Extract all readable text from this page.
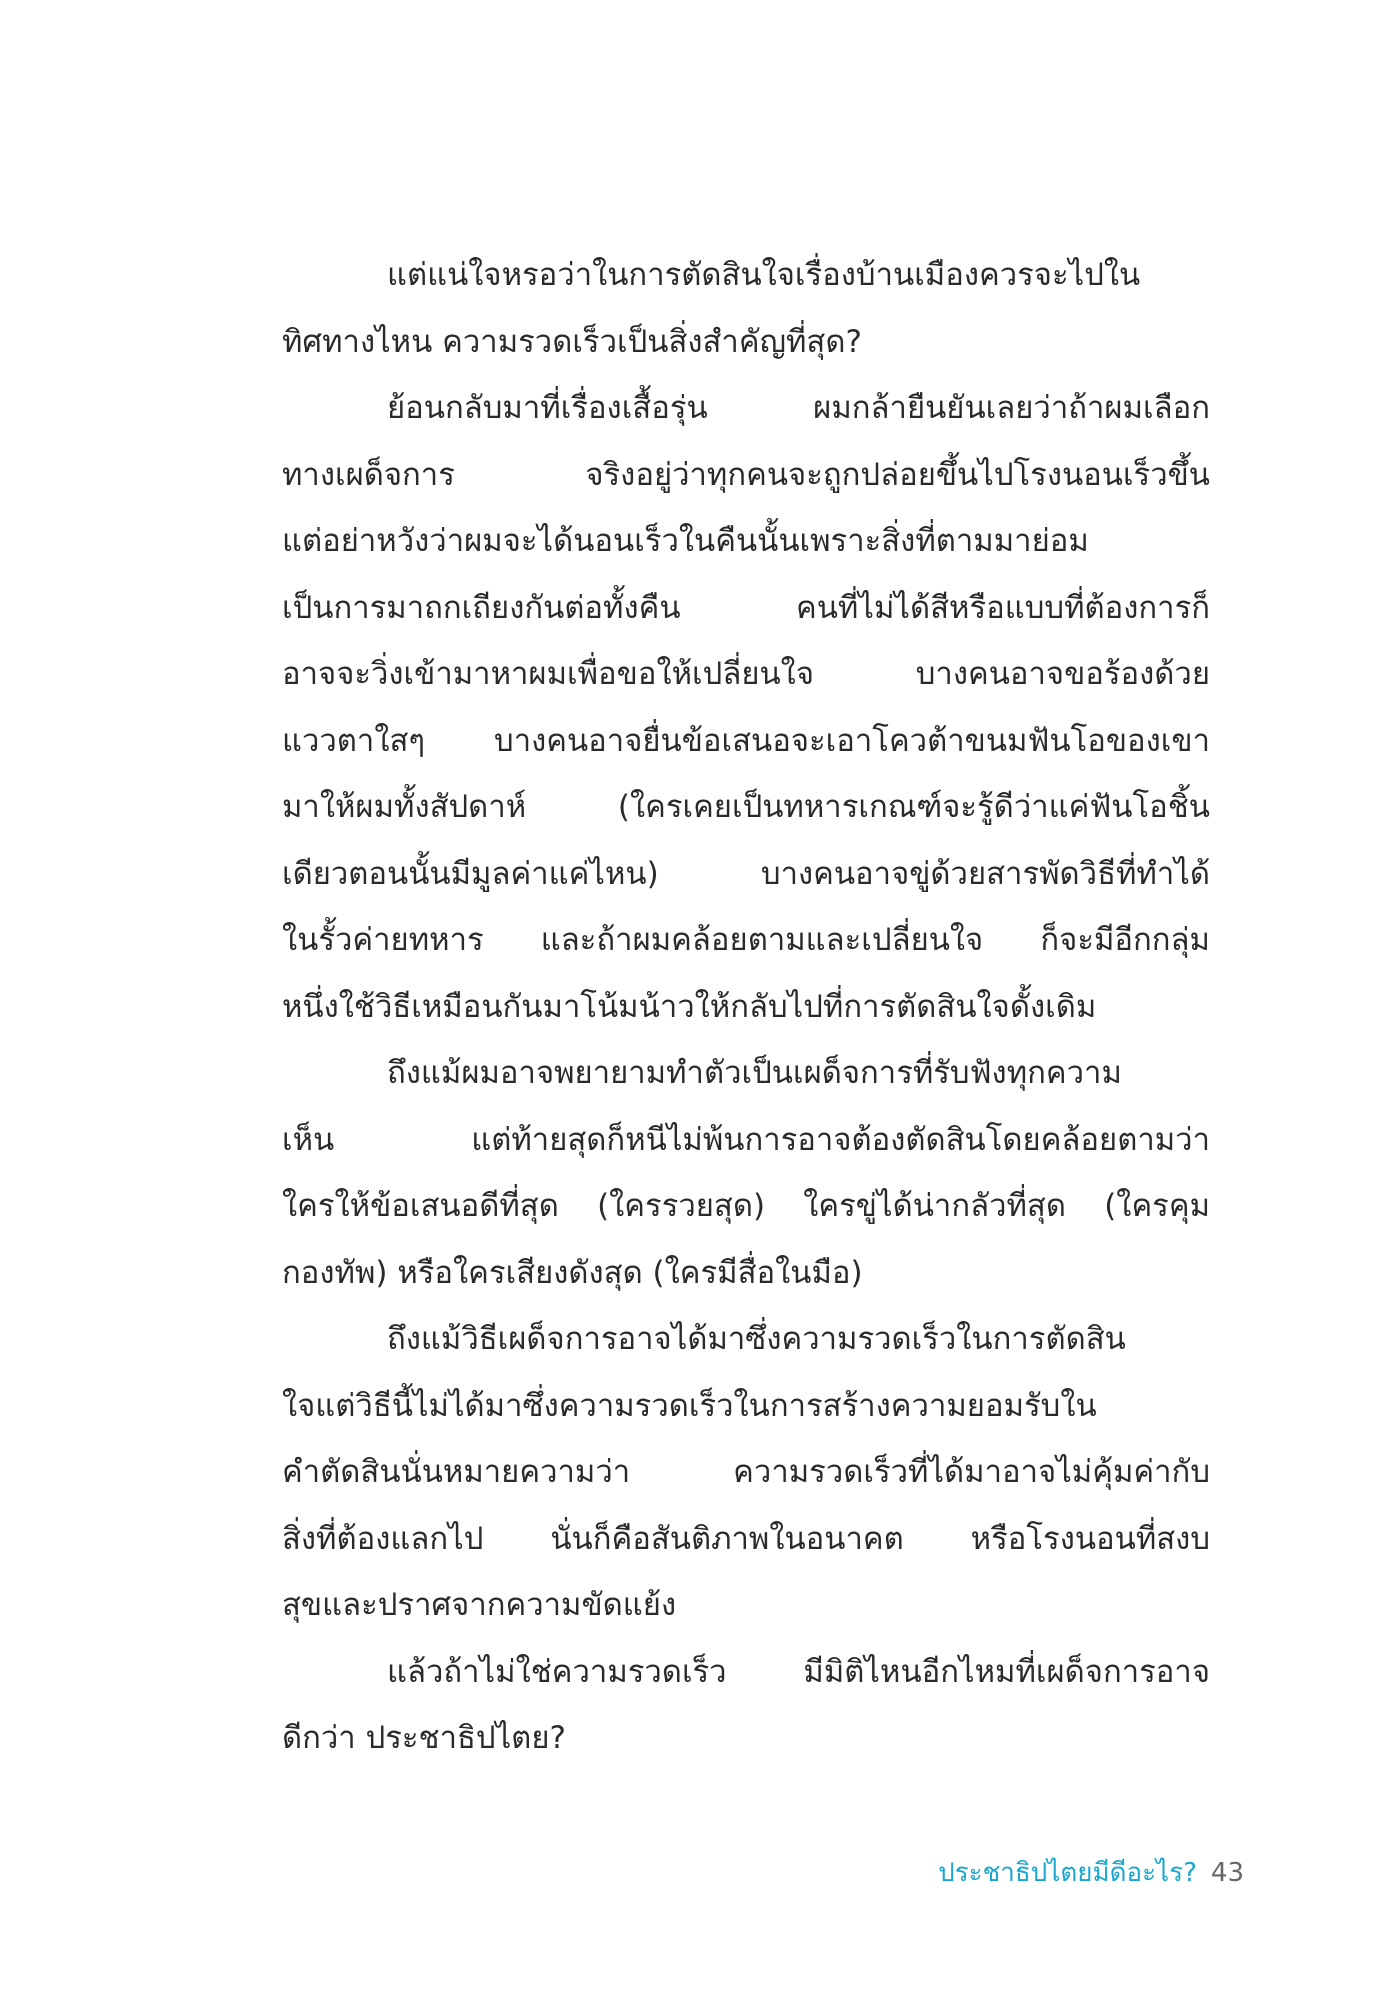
แต่แน่ใจหรอว่าในการตัดสินใจเรื่องบ้านเมืองควรจะไปใน
ทิศทางไหน ความรวดเร็วเป็นสิ่งสำคัญที่สุด?
ย้อนกลับมาที่เรื่องเสื้อรุ่น ผมกล้ายืนยันเลยว่าถ้าผมเลือก
ทางเผด็จการ จริงอยู่ว่าทุกคนจะถูกปล่อยขึ้นไปโรงนอนเร็วขึ้น
แต่อย่าหวังว่าผมจะได้นอนเร็วในคืนนั้นเพราะสิ่งที่ตามมาย่อม
เป็นการมาถกเถียงกันต่อทั้งคืน คนที่ไม่ได้สีหรือแบบที่ต้องการก็
อาจจะวิ่งเข้ามาหาผมเพื่อขอให้เปลี่ยนใจ บางคนอาจขอร้องด้วย
แววตาใสๆ บางคนอาจยื่นข้อเสนอจะเอาโควต้าขนมฟันโอของเขา
มาให้ผมทั้งสัปดาห์ (ใครเคยเป็นทหารเกณฑ์จะรู้ดีว่าแค่ฟันโอชิ้น
เดียวตอนนั้นมีมูลค่าแค่ไหน) บางคนอาจขู่ด้วยสารพัดวิธีที่ทำได้
ในรั้วค่ายทหาร และถ้าผมคล้อยตามและเปลี่ยนใจ ก็จะมีอีกกลุ่ม
หนึ่งใช้วิธีเหมือนกันมาโน้มน้าวให้กลับไปที่การตัดสินใจดั้งเดิม
ถึงแม้ผมอาจพยายามทำตัวเป็นเผด็จการที่รับฟังทุกความ
เห็น แต่ท้ายสุดก็หนีไม่พ้นการอาจต้องตัดสินโดยคล้อยตามว่า
ใครให้ข้อเสนอดีที่สุด (ใครรวยสุด) ใครขู่ได้น่ากลัวที่สุด (ใครคุม
กองทัพ) หรือใครเสียงดังสุด (ใครมีสื่อในมือ)
ถึงแม้วิธีเผด็จการอาจได้มาซึ่งความรวดเร็วในการตัดสิน
ใจแต่วิธีนี้ไม่ได้มาซึ่งความรวดเร็วในการสร้างความยอมรับใน
คำตัดสินนั่นหมายความว่า ความรวดเร็วที่ได้มาอาจไม่คุ้มค่ากับ
สิ่งที่ต้องแลกไป นั่นก็คือสันติภาพในอนาคต หรือโรงนอนที่สงบ
สุขและปราศจากความขัดแย้ง
แล้วถ้าไม่ใช่ความรวดเร็ว มีมิติไหนอีกไหมที่เผด็จการอาจ
ดีกว่า ประชาธิปไตย?
ประชาธิปไตยมีดีอะไร? 43
